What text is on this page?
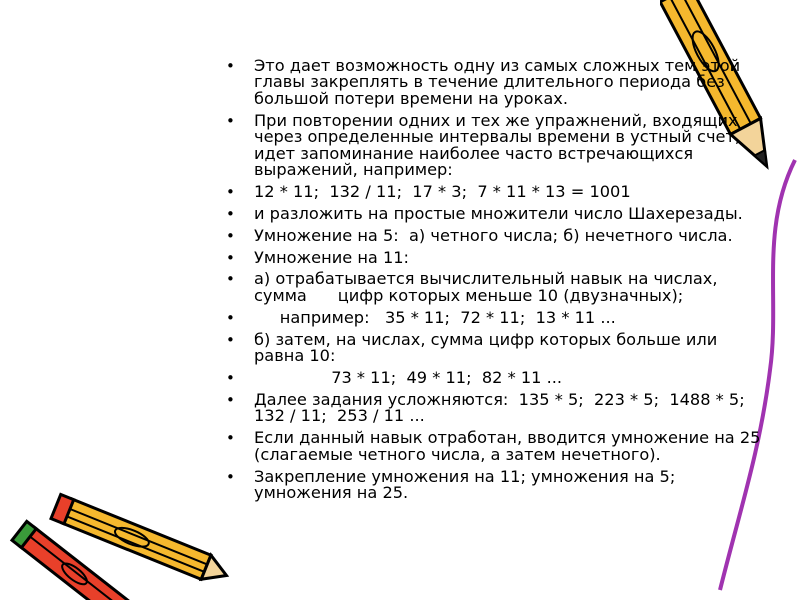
• Это дает возможность одну из самых сложных тем этой главы закреплять в течение длительного периода без большой потери времени на уроках.
• При повторении одних и тех же упражнений, входящих через определенные интервалы времени в устный счет, идет запоминание наиболее часто встречающихся выражений, например:
• 12 * 11;  132 / 11;  17 * 3;  7 * 11 * 13 = 1001
• и разложить на простые множители число Шахерезады.
• Умножение на 5:  а) четного числа; б) нечетного числа.
• Умножение на 11:
• а) отрабатывается вычислительный навык на числах, сумма      цифр которых меньше 10 (двузначных);
• например:   35 * 11;  72 * 11;  13 * 11 ...
• б) затем, на числах, сумма цифр которых больше или    равна 10:
• 73 * 11;  49 * 11;  82 * 11 ...
• Далее задания усложняются:  135 * 5;  223 * 5;  1488 * 5;  132 / 11;  253 / 11 ...
• Если данный навык отработан, вводится умножение на 25 (слагаемые четного числа, а затем нечетного).
• Закрепление умножения на 11; умножения на 5; умножения на 25.
